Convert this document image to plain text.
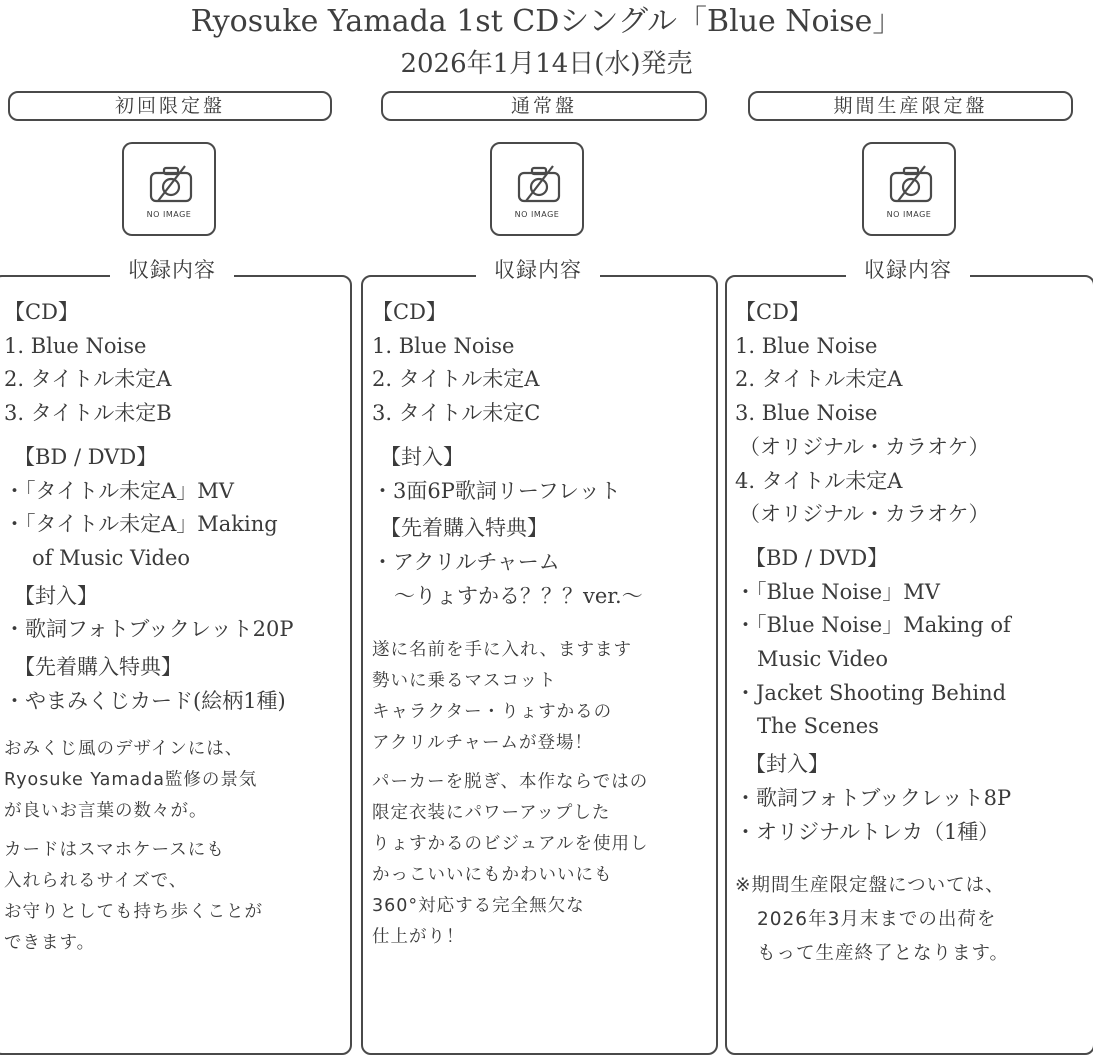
Ryosuke Yamada 1st CDシングル「Blue Noise」
2026年1月14日(水)発売
初回限定盤	通常盤	期間生産限定盤
NO IMAGE	NO IMAGE	NO IMAGE
収録内容	収録内容	収録内容
【CD】
1. Blue Noise
2. タイトル未定A
3. タイトル未定B
【BD / DVD】
・「タイトル未定A」MV
・「タイトル未定A」Making
of Music Video
【封入】
・歌詞フォトブックレット20P
【先着購入特典】
・やまみくじカード(絵柄1種)
おみくじ風のデザインには、
Ryosuke Yamada監修の景気
が良いお言葉の数々が。
カードはスマホケースにも
入れられるサイズで、
お守りとしても持ち歩くことが
できます。
【CD】
1. Blue Noise
2. タイトル未定A
3. タイトル未定C
【封入】
・3面6P歌詞リーフレット
【先着購入特典】
・アクリルチャーム
〜りょすかる？？？ver.〜
遂に名前を手に入れ、ますます
勢いに乗るマスコット
キャラクター・りょすかるの
アクリルチャームが登場！
パーカーを脱ぎ、本作ならではの
限定衣装にパワーアップした
りょすかるのビジュアルを使用し
かっこいいにもかわいいにも
360°対応する完全無欠な
仕上がり！
【CD】
1. Blue Noise
2. タイトル未定A
3. Blue Noise
（オリジナル・カラオケ）
4. タイトル未定A
（オリジナル・カラオケ）
【BD / DVD】
・「Blue Noise」MV
・「Blue Noise」Making of
Music Video
・Jacket Shooting Behind
The Scenes
【封入】
・歌詞フォトブックレット8P
・オリジナルトレカ（1種）
※期間生産限定盤については、
2026年3月末までの出荷を
もって生産終了となります。
